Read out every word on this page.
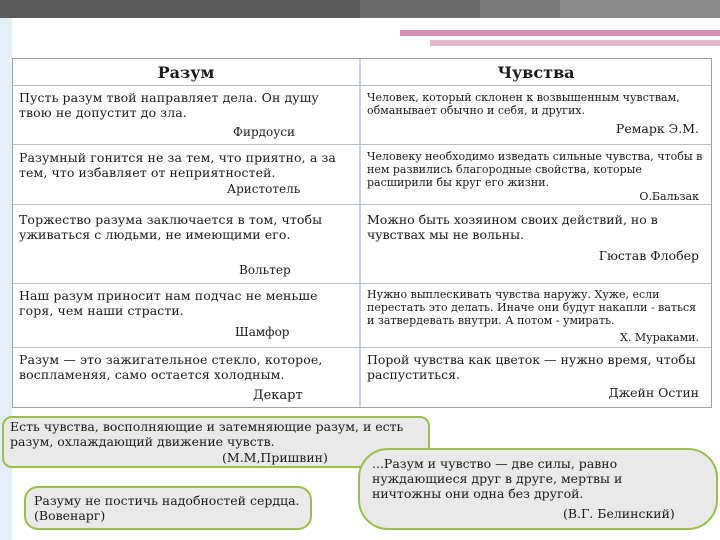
Разум	Чувства
Пусть разум твой направляет дела. Он душу твою не допустит до зла.
Фирдоуси
Человек, который склонен к возвышенным чувствам, обманывает обычно и себя, и других.
Ремарк Э.М.
Разумный гонится не за тем, что приятно, а за тем, что избавляет от неприятностей.
Аристотель
Человеку необходимо изведать сильные чувства, чтобы в нем развились благородные свойства, которые расширили бы круг его жизни.
О.Бальзак
Торжество разума заключается в том, чтобы уживаться с людьми, не имеющими его.
Вольтер
Можно быть хозяином своих действий, но в чувствах мы не вольны.
Гюстав Флобер
Наш разум приносит нам подчас не меньше горя, чем наши страсти.
Шамфор
Нужно выплескивать чувства наружу. Хуже, если перестать это делать. Иначе они будут накапли - ваться и затвердевать внутри. А потом - умирать.
Х. Мураками.
Разум — это зажигательное стекло, которое, воспламеняя, само остается холодным.
Декарт
Порой чувства как цветок — нужно время, чтобы распуститься.
Джейн Остин
Есть чувства, восполняющие и затемняющие разум, и есть разум, охлаждающий движение чувств.
(М.М,Пришвин)	...Разум и чувство — две силы, равно нуждающиеся друг в друге, мертвы и ничтожны они одна без другой.
(В.Г. Белинский)
Разуму не постичь надобностей сердца. (Вовенарг)
